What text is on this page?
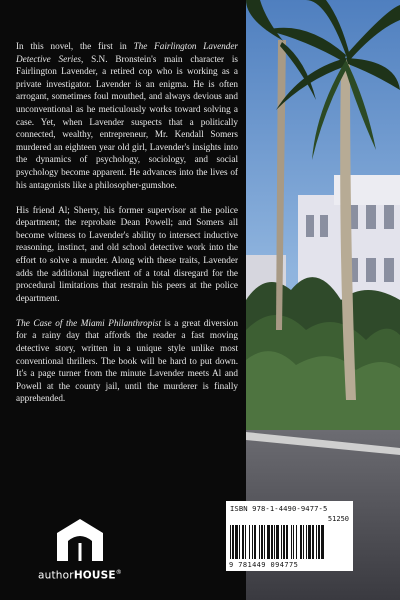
In this novel, the first in The Fairlington Lavender Detective Series, S.N. Bronstein's main character is Fairlington Lavender, a retired cop who is working as a private investigator. Lavender is an enigma. He is often arrogant, sometimes foul mouthed, and always devious and unconventional as he meticulously works toward solving a case. Yet, when Lavender suspects that a politically connected, wealthy, entrepreneur, Mr. Kendall Somers murdered an eighteen year old girl, Lavender's insights into the dynamics of psychology, sociology, and social psychology become apparent. He advances into the lives of his antagonists like a philosopher-gumshoe.

His friend Al; Sherry, his former supervisor at the police department; the reprobate Dean Powell; and Somers all become witness to Lavender's ability to intersect inductive reasoning, instinct, and old school detective work into the effort to solve a murder. Along with these traits, Lavender adds the additional ingredient of a total disregard for the procedural limitations that restrain his peers at the police department.

The Case of the Miami Philanthropist is a great diversion for a rainy day that affords the reader a fast moving detective story, written in a unique style unlike most conventional thrillers. The book will be hard to put down. It's a page turner from the minute Lavender meets Al and Powell at the county jail, until the murderer is finally apprehended.

authorHOUSE®
ISBN 978-1-4490-9477-5
51250
9 781449 094775
